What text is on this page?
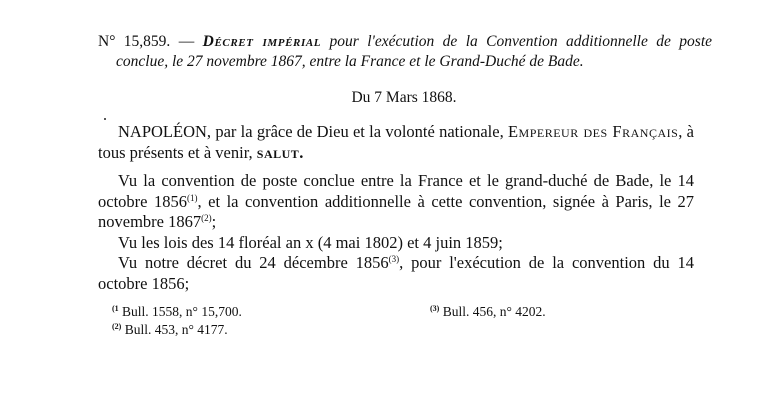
N° 15,859. — Décret impérial pour l'exécution de la Convention additionnelle de poste conclue, le 27 novembre 1867, entre la France et le Grand-Duché de Bade.
Du 7 Mars 1868.
NAPOLÉON, par la grâce de Dieu et la volonté nationale, Empereur des Français, à tous présents et à venir, salut.

Vu la convention de poste conclue entre la France et le grand-duché de Bade, le 14 octobre 1856$^{(1)}$, et la convention additionnelle à cette convention, signée à Paris, le 27 novembre 1867$^{(2)}$;

Vu les lois des 14 floréal an x (4 mai 1802) et 4 juin 1859;

Vu notre décret du 24 décembre 1856$^{(3)}$, pour l'exécution de la convention du 14 octobre 1856;

$^{(1}$ Bull. 1558, n° 15,700.
$^{(2)}$ Bull. 453, n° 4177.
$^{(3)}$ Bull. 456, n° 4202.
